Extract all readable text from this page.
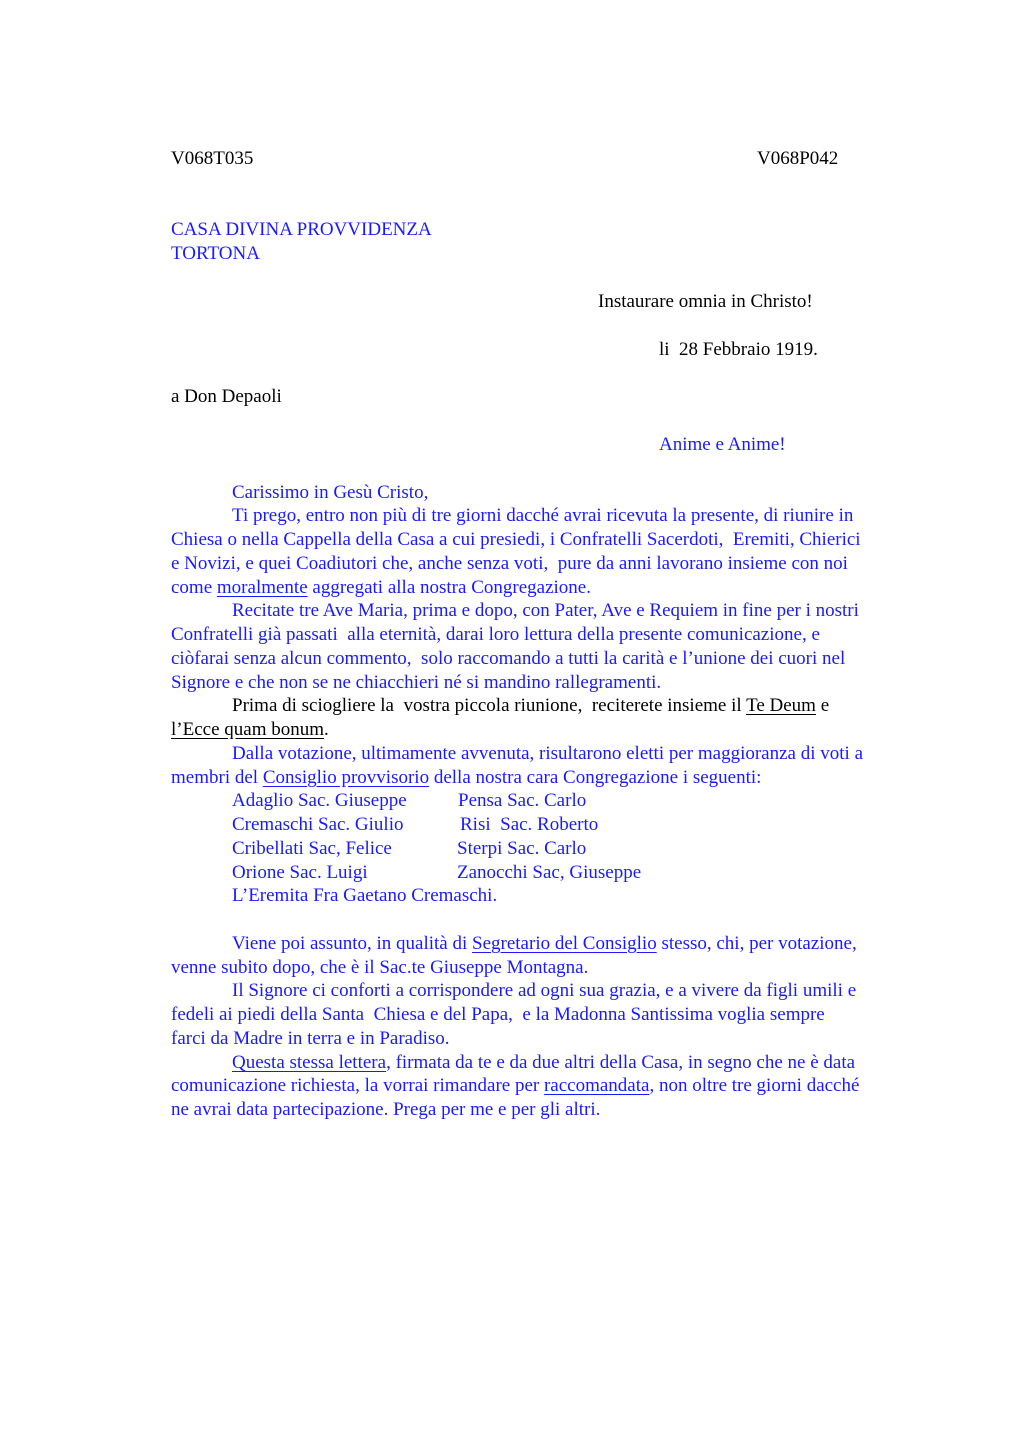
V068T035	V068P042
CASA DIVINA PROVVIDENZA
TORTONA
Instaurare omnia in Christo!
li  28 Febbraio 1919.
a Don Depaoli
Anime e Anime!
Carissimo in Gesù Cristo,
Ti prego, entro non più di tre giorni dacché avrai ricevuta la presente, di riunire in
Chiesa o nella Cappella della Casa a cui presiedi, i Confratelli Sacerdoti,  Eremiti, Chierici
e Novizi, e quei Coadiutori che, anche senza voti,  pure da anni lavorano insieme con noi
come moralmente aggregati alla nostra Congregazione.
Recitate tre Ave Maria, prima e dopo, con Pater, Ave e Requiem in fine per i nostri
Confratelli già passati  alla eternità, darai loro lettura della presente comunicazione, e
ciòfarai senza alcun commento,  solo raccomando a tutti la carità e l’unione dei cuori nel
Signore e che non se ne chiacchieri né si mandino rallegramenti.
Prima di sciogliere la  vostra piccola riunione,  reciterete insieme il Te Deum e
l’Ecce quam bonum.
Dalla votazione, ultimamente avvenuta, risultarono eletti per maggioranza di voti a
membri del Consiglio provvisorio della nostra cara Congregazione i seguenti:
Adaglio Sac. Giuseppe	Pensa Sac. Carlo
Cremaschi Sac. Giulio	Risi  Sac. Roberto
Cribellati Sac, Felice	Sterpi Sac. Carlo
Orione Sac. Luigi	Zanocchi Sac, Giuseppe
L’Eremita Fra Gaetano Cremaschi.
Viene poi assunto, in qualità di Segretario del Consiglio stesso, chi, per votazione,
venne subito dopo, che è il Sac.te Giuseppe Montagna.
Il Signore ci conforti a corrispondere ad ogni sua grazia, e a vivere da figli umili e
fedeli ai piedi della Santa  Chiesa e del Papa,  e la Madonna Santissima voglia sempre
farci da Madre in terra e in Paradiso.
Questa stessa lettera, firmata da te e da due altri della Casa, in segno che ne è data
comunicazione richiesta, la vorrai rimandare per raccomandata, non oltre tre giorni dacché
ne avrai data partecipazione. Prega per me e per gli altri.
